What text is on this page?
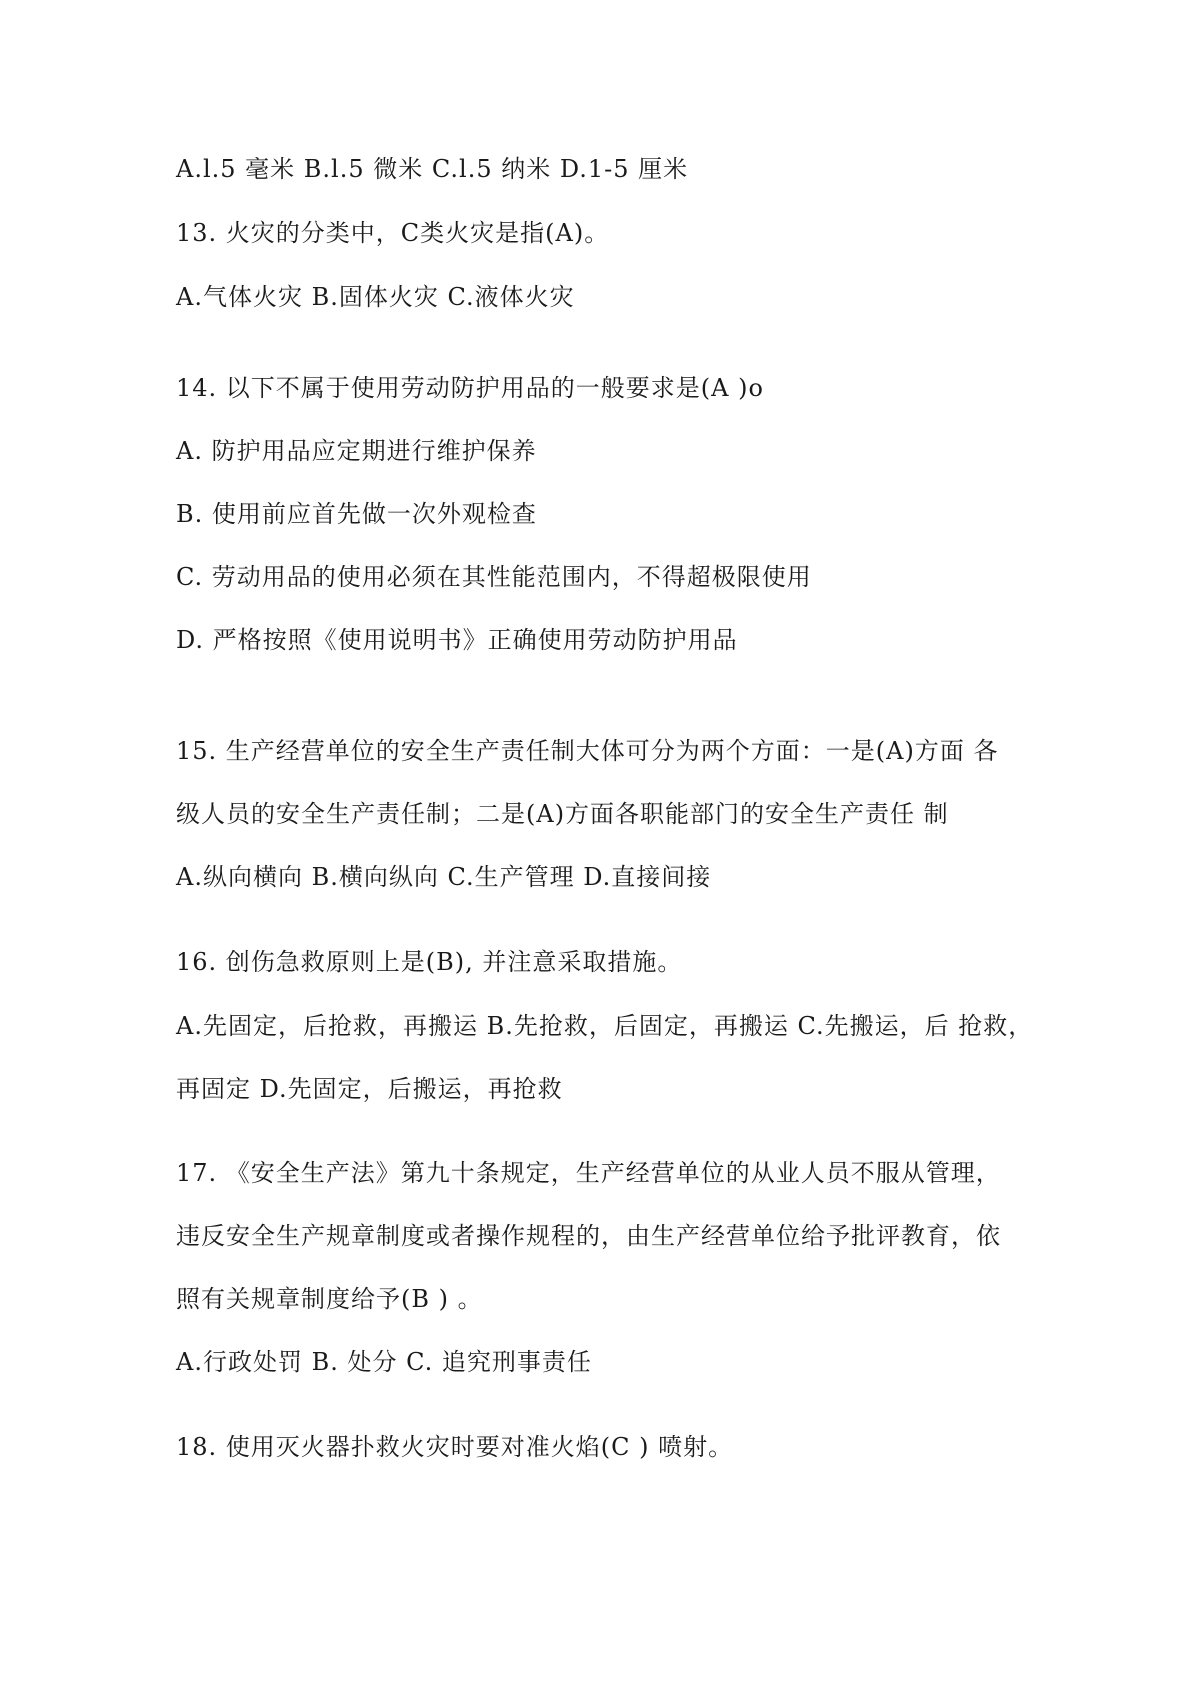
A.l.5 毫米 B.l.5 微米 C.l.5 纳米 D.1-5 厘米
13. 火灾的分类中，C类火灾是指(A)。
A.气体火灾 B.固体火灾 C.液体火灾
14. 以下不属于使用劳动防护用品的一般要求是(A )o
A. 防护用品应定期进行维护保养
B. 使用前应首先做一次外观检查
C. 劳动用品的使用必须在其性能范围内，不得超极限使用
D. 严格按照《使用说明书》正确使用劳动防护用品
15. 生产经营单位的安全生产责任制大体可分为两个方面：一是(A)方面 各
级人员的安全生产责任制；二是(A)方面各职能部门的安全生产责任 制
A.纵向横向 B.横向纵向 C.生产管理 D.直接间接
16. 创伤急救原则上是(B), 并注意采取措施。
A.先固定，后抢救，再搬运 B.先抢救，后固定，再搬运 C.先搬运，后 抢救，
再固定 D.先固定，后搬运，再抢救
17. 《安全生产法》第九十条规定，生产经营单位的从业人员不服从管理，
违反安全生产规章制度或者操作规程的，由生产经营单位给予批评教育，依
照有关规章制度给予(B ) 。
A.行政处罚 B. 处分 C. 追究刑事责任
18. 使用灭火器扑救火灾时要对准火焰(C ) 喷射。
